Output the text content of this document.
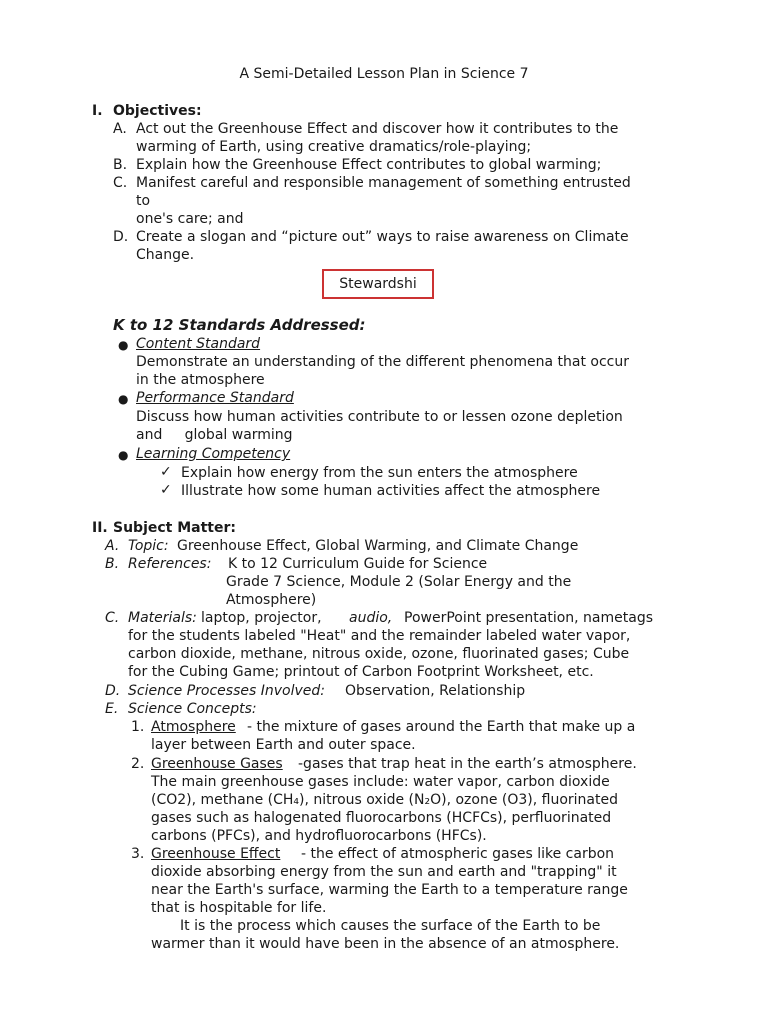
A Semi-Detailed Lesson Plan in Science 7

I. Objectives:
A. Act out the Greenhouse Effect and discover how it contributes to the
warming of Earth, using creative dramatics/role-playing;
B. Explain how the Greenhouse Effect contributes to global warming;
C. Manifest careful and responsible management of something entrusted
to
one's care; and
D. Create a slogan and “picture out” ways to raise awareness on Climate
Change.
Stewardshi
K to 12 Standards Addressed:
● Content Standard
Demonstrate an understanding of the different phenomena that occur
in the atmosphere
● Performance Standard
Discuss how human activities contribute to or lessen ozone depletion
and     global warming
● Learning Competency
✓ Explain how energy from the sun enters the atmosphere
✓ Illustrate how some human activities affect the atmosphere
II. Subject Matter:
A. Topic: Greenhouse Effect, Global Warming, and Climate Change
B. References: K to 12 Curriculum Guide for Science
Grade 7 Science, Module 2 (Solar Energy and the
Atmosphere)
C. Materials: laptop, projector, audio, PowerPoint presentation, nametags
for the students labeled "Heat" and the remainder labeled water vapor,
carbon dioxide, methane, nitrous oxide, ozone, fluorinated gases; Cube
for the Cubing Game; printout of Carbon Footprint Worksheet, etc.
D. Science Processes Involved: Observation, Relationship
E. Science Concepts:
1. Atmosphere - the mixture of gases around the Earth that make up a
layer between Earth and outer space.
2. Greenhouse Gases -gases that trap heat in the earth’s atmosphere.
The main greenhouse gases include: water vapor, carbon dioxide
(CO2), methane (CH₄), nitrous oxide (N₂O), ozone (O3), fluorinated
gases such as halogenated fluorocarbons (HCFCs), perfluorinated
carbons (PFCs), and hydrofluorocarbons (HFCs).
3. Greenhouse Effect - the effect of atmospheric gases like carbon
dioxide absorbing energy from the sun and earth and "trapping" it
near the Earth's surface, warming the Earth to a temperature range
that is hospitable for life.
It is the process which causes the surface of the Earth to be
warmer than it would have been in the absence of an atmosphere.
